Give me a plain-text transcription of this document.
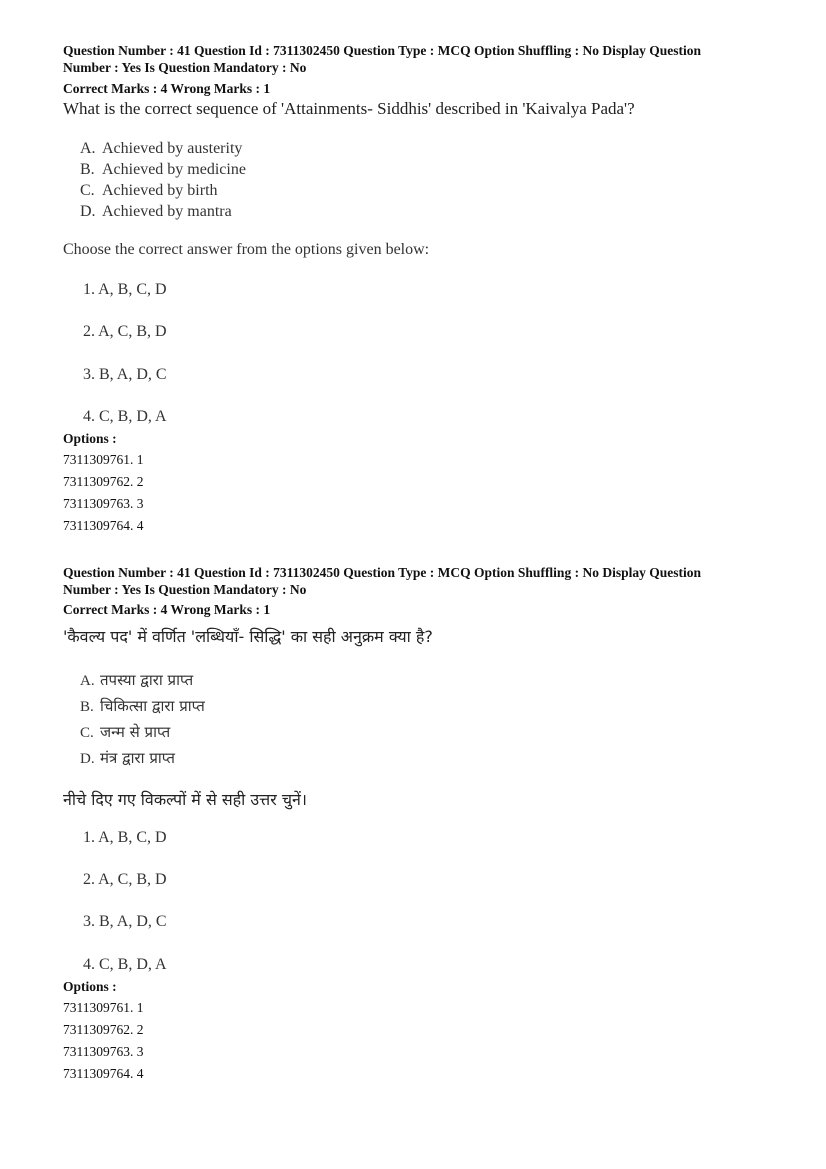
Question Number : 41 Question Id : 7311302450 Question Type : MCQ Option Shuffling : No Display Question
Number : Yes Is Question Mandatory : No
Correct Marks : 4 Wrong Marks : 1
What is the correct sequence of 'Attainments- Siddhis' described in 'Kaivalya Pada'?
A. Achieved by austerity
B. Achieved by medicine
C. Achieved by birth
D. Achieved by mantra
Choose the correct answer from the options given below:
1. A, B, C, D
2. A, C, B, D
3. B, A, D, C
4. C, B, D, A
Options :
7311309761. 1
7311309762. 2
7311309763. 3
7311309764. 4
Question Number : 41 Question Id : 7311302450 Question Type : MCQ Option Shuffling : No Display Question
Number : Yes Is Question Mandatory : No
Correct Marks : 4 Wrong Marks : 1
'कैवल्य पद' में वर्णित 'लब्धियाँ- सिद्धि' का सही अनुक्रम क्या है?
A. तपस्या द्वारा प्राप्त
B. चिकित्सा द्वारा प्राप्त
C. जन्म से प्राप्त
D. मंत्र द्वारा प्राप्त
नीचे दिए गए विकल्पों में से सही उत्तर चुनें।
1. A, B, C, D
2. A, C, B, D
3. B, A, D, C
4. C, B, D, A
Options :
7311309761. 1
7311309762. 2
7311309763. 3
7311309764. 4
